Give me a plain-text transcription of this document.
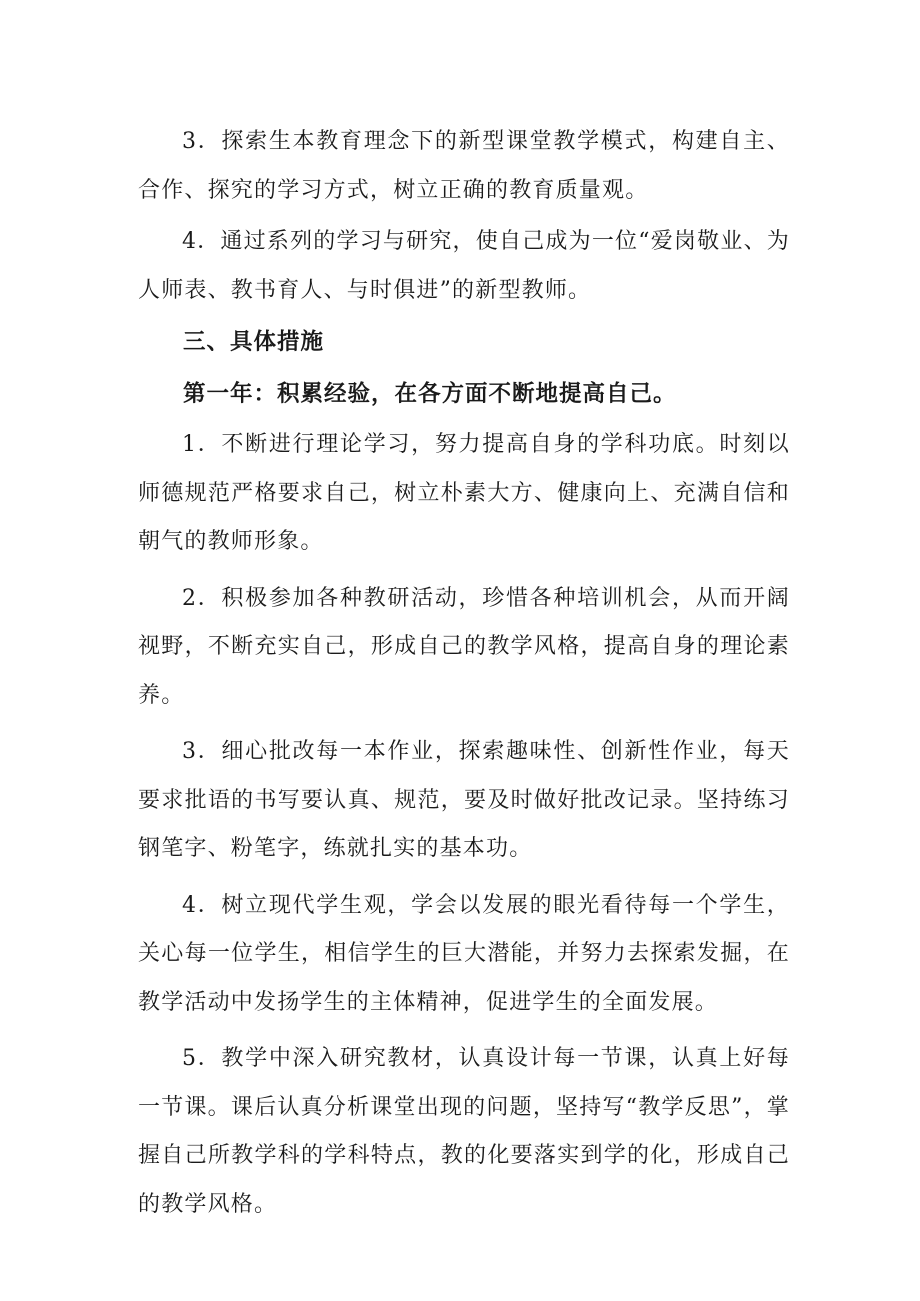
3．探索生本教育理念下的新型课堂教学模式，构建自主、合作、探究的学习方式，树立正确的教育质量观。

4．通过系列的学习与研究，使自己成为一位“爱岗敬业、为人师表、教书育人、与时俱进”的新型教师。

三、具体措施

第一年：积累经验，在各方面不断地提高自己。

1．不断进行理论学习，努力提高自身的学科功底。时刻以师德规范严格要求自己，树立朴素大方、健康向上、充满自信和朝气的教师形象。

2．积极参加各种教研活动，珍惜各种培训机会，从而开阔视野，不断充实自己，形成自己的教学风格，提高自身的理论素养。

3．细心批改每一本作业，探索趣味性、创新性作业，每天要求批语的书写要认真、规范，要及时做好批改记录。坚持练习钢笔字、粉笔字，练就扎实的基本功。

4．树立现代学生观，学会以发展的眼光看待每一个学生，关心每一位学生，相信学生的巨大潜能，并努力去探索发掘，在教学活动中发扬学生的主体精神，促进学生的全面发展。

5．教学中深入研究教材，认真设计每一节课，认真上好每一节课。课后认真分析课堂出现的问题，坚持写“教学反思”，掌握自己所教学科的学科特点，教的化要落实到学的化，形成自己的教学风格。
